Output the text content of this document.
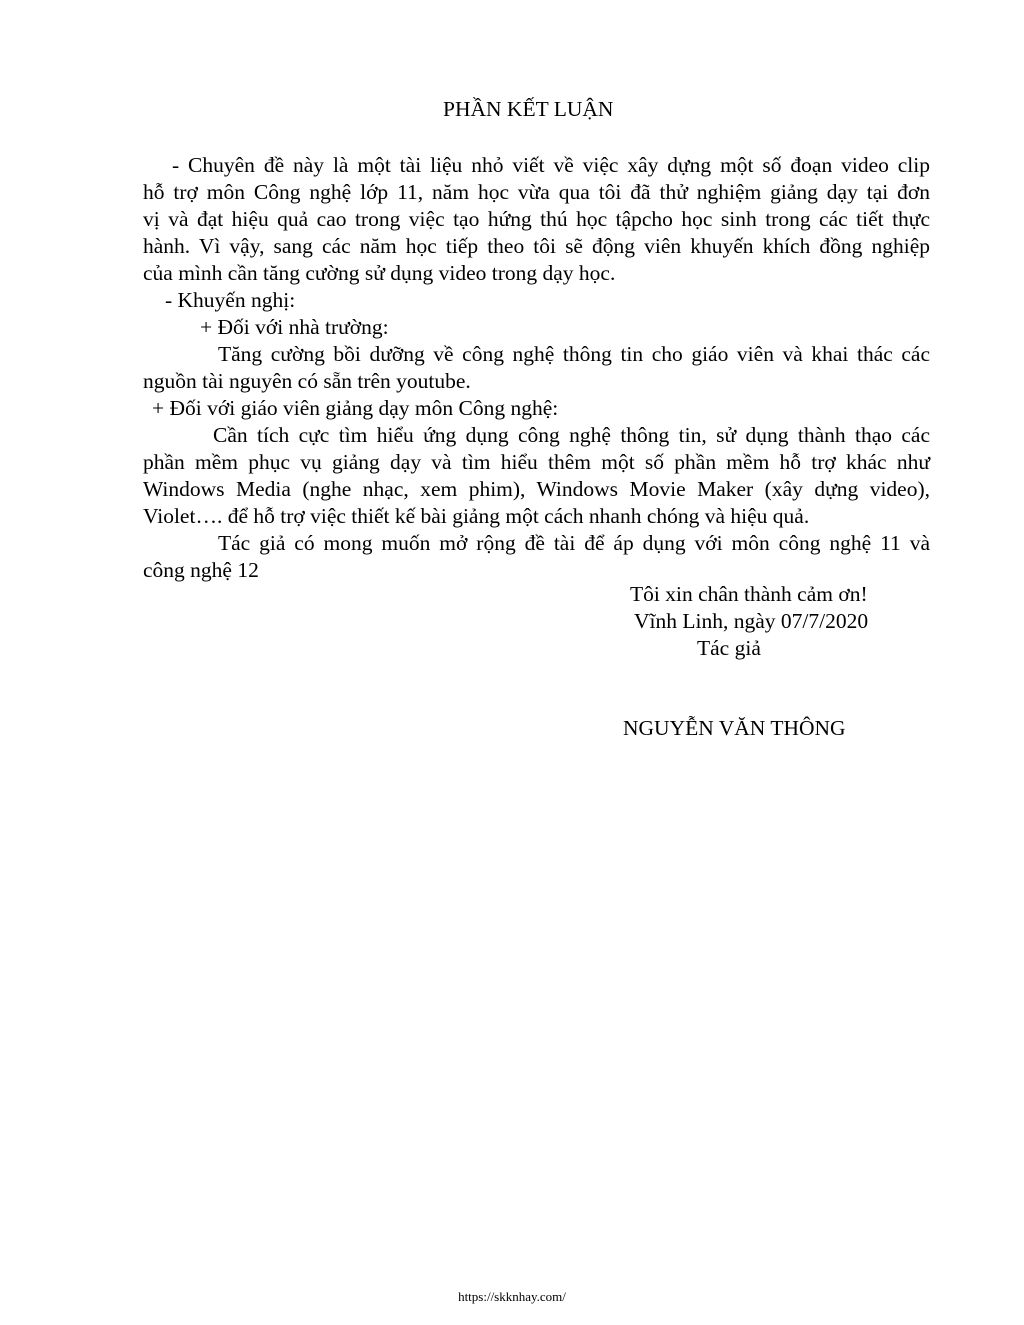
PHẦN KẾT LUẬN
- Chuyên đề này là một tài liệu nhỏ viết về việc xây dựng một số đoạn video clip
hỗ trợ môn Công nghệ lớp 11, năm học vừa qua tôi đã thử nghiệm giảng dạy tại đơn
vị và đạt hiệu quả cao trong việc tạo hứng thú học tậpcho học sinh trong các tiết thực
hành. Vì vậy, sang các năm học tiếp theo tôi sẽ động viên khuyến khích đồng nghiệp
của mình cần tăng cường sử dụng video trong dạy học.
- Khuyến nghị:
+ Đối với nhà trường:
Tăng cường bồi dưỡng về công nghệ thông tin cho giáo viên và khai thác các
nguồn tài nguyên có sẵn trên youtube.
+ Đối với giáo viên giảng dạy môn Công nghệ:
Cần tích cực tìm hiểu ứng dụng công nghệ thông tin, sử dụng thành thạo các
phần mềm phục vụ giảng dạy và tìm hiểu thêm một số phần mềm hỗ trợ khác như
Windows Media (nghe nhạc, xem phim), Windows Movie Maker (xây dựng video),
Violet…. để hỗ trợ việc thiết kế bài giảng một cách nhanh chóng và hiệu quả.
Tác giả có mong muốn mở rộng đề tài để áp dụng với môn công nghệ 11 và
công nghệ 12
Tôi xin chân thành cảm ơn!
Vĩnh Linh, ngày 07/7/2020
Tác giả
NGUYỄN VĂN THÔNG
https://skknhay.com/
